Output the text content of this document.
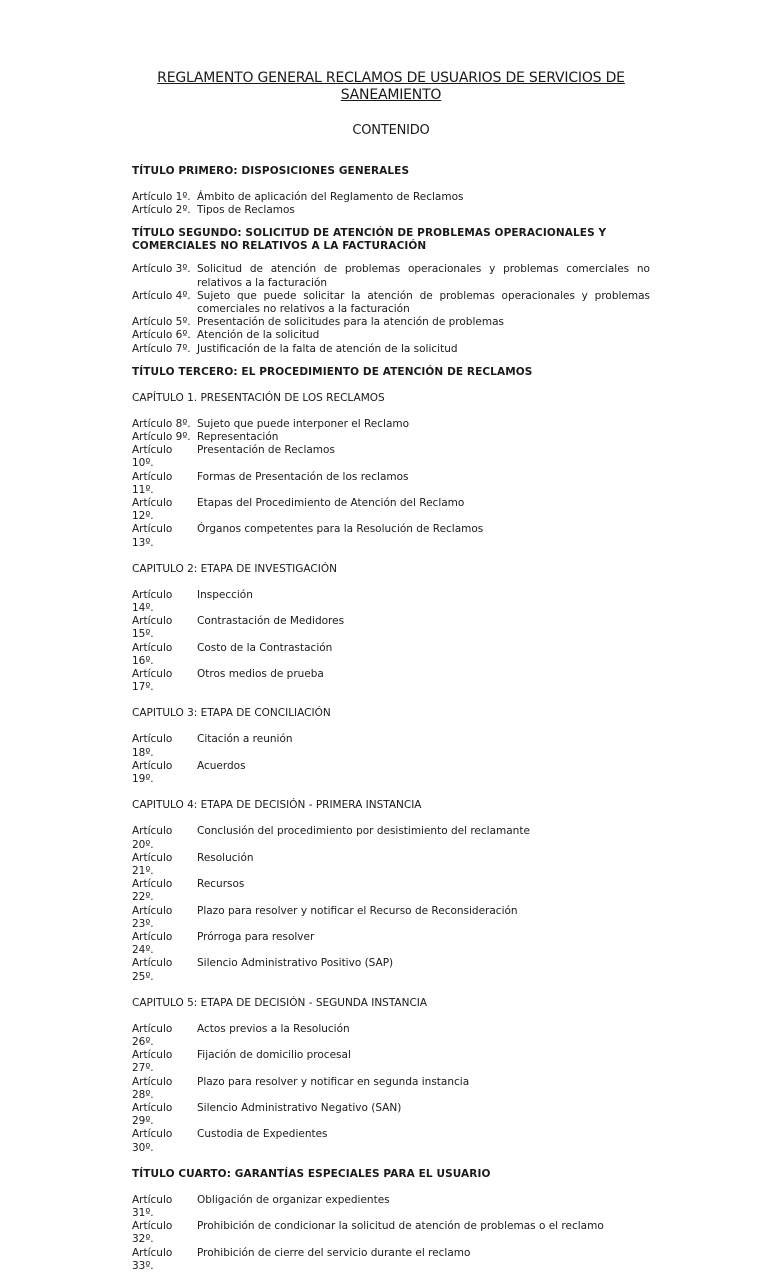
REGLAMENTO GENERAL RECLAMOS DE USUARIOS DE SERVICIOS DE SANEAMIENTO
CONTENIDO
TÍTULO PRIMERO: DISPOSICIONES GENERALES
Artículo 1º. Ámbito de aplicación del Reglamento de Reclamos
Artículo 2º. Tipos de Reclamos
TÍTULO SEGUNDO: SOLICITUD DE ATENCIÓN DE PROBLEMAS OPERACIONALES Y COMERCIALES NO RELATIVOS A LA FACTURACIÓN
Artículo 3º. Solicitud de atención de problemas operacionales y problemas comerciales no relativos a la facturación
Artículo 4º. Sujeto que puede solicitar la atención de problemas operacionales y problemas comerciales no relativos a la facturación
Artículo 5º. Presentación de solicitudes para la atención de problemas
Artículo 6º. Atención de la solicitud
Artículo 7º. Justificación de la falta de atención de la solicitud
TÍTULO TERCERO: EL PROCEDIMIENTO DE ATENCIÓN DE RECLAMOS
CAPÍTULO 1. PRESENTACIÓN DE LOS RECLAMOS
Artículo 8º. Sujeto que puede interponer el Reclamo
Artículo 9º. Representación
Artículo 10º.
Presentación de Reclamos
Artículo 11º.
Formas de Presentación de los reclamos
Artículo 12º.
Etapas del Procedimiento de Atención del Reclamo
Artículo 13º.
Órganos competentes para la Resolución de Reclamos
CAPITULO 2: ETAPA DE INVESTIGACIÓN
Artículo 14º.
Inspección
Artículo 15º.
Contrastación de Medidores
Artículo 16º.
Costo de la Contrastación
Artículo 17º.
Otros medios de prueba
CAPITULO 3: ETAPA DE CONCILIACIÓN
Artículo 18º.
Citación a reunión
Artículo 19º.
Acuerdos
CAPITULO 4: ETAPA DE DECISIÓN - PRIMERA INSTANCIA
Artículo 20º.
Conclusión del procedimiento por desistimiento del reclamante
Artículo 21º.
Resolución
Artículo 22º.
Recursos
Artículo 23º.
Plazo para resolver y notificar el Recurso de Reconsideración
Artículo 24º.
Prórroga para resolver
Artículo 25º.
Silencio Administrativo Positivo (SAP)
CAPITULO 5: ETAPA DE DECISIÓN - SEGUNDA INSTANCIA
Artículo 26º.
Actos previos a la Resolución
Artículo 27º.
Fijación de domicilio procesal
Artículo 28º.
Plazo para resolver y notificar en segunda instancia
Artículo 29º.
Silencio Administrativo Negativo (SAN)
Artículo 30º.
Custodia de Expedientes
TÍTULO CUARTO: GARANTÍAS ESPECIALES PARA EL USUARIO
Artículo 31º.
Obligación de organizar expedientes
Artículo 32º.
Prohibición de condicionar la solicitud de atención de problemas o el reclamo
Artículo 33º.
Prohibición de cierre del servicio durante el reclamo
